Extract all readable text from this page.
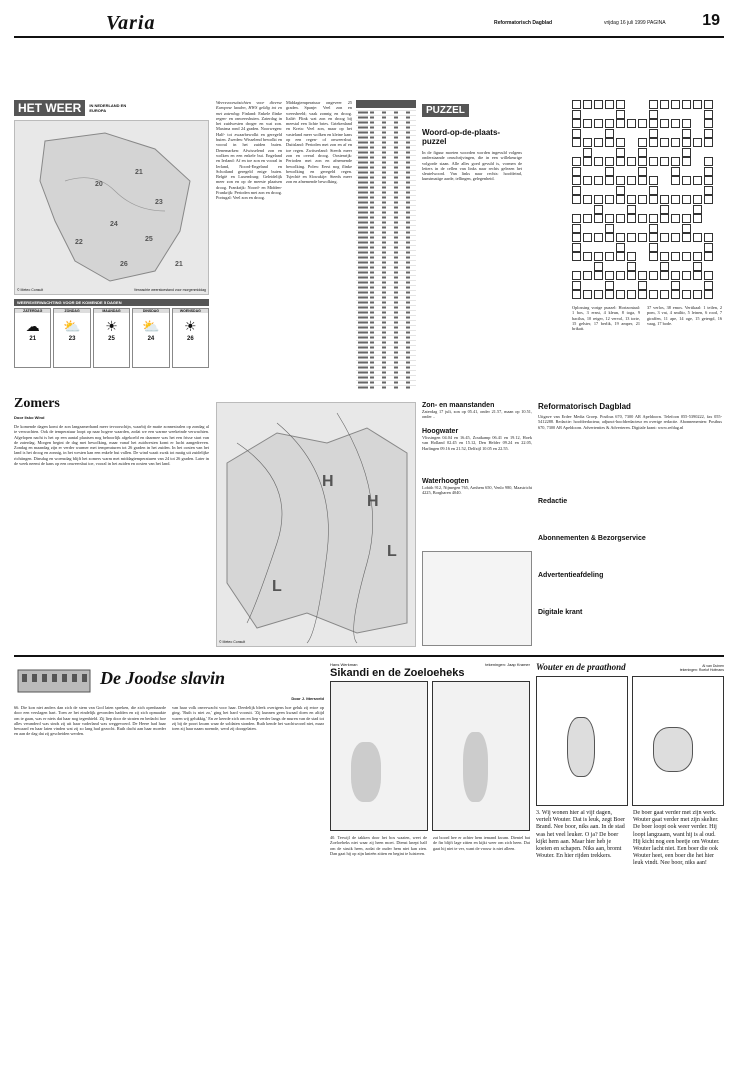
Varia	Reformatorisch Dagblad	vrijdag 16 juli 1999 PAGINA 19
HET WEER	IN NEDERLAND EN EUROPA
20
21
23
24
25
22
26	21
© Meteo Consult	Verwachte weerstoestand voor morgenmiddag
WEERSVERWACHTING VOOR DE KOMENDE 5 DAGEN
ZATERDAG
☁
21
ZONDAG
⛅
23
MAANDAG
☀
25
DINSDAG
⛅
24
WOENSDAG
☀
26
Weersvooruitzichten voor diverse Europese landen, HWS geldig tot en met zaterdag: Finland: Enkele flinke regen- en onweersbuien. Zaterdag in het zuidwesten droger en wat zon. Maxima rond 24 graden. Noorwegen: Half- tot zwaarbewolkt en geregeld buien. Zweden: Wisselend bewolkt en vooral in het zuiden buien. Denemarken: Afwisselend zon en wolken en een enkele bui. Engeland en Ierland: Af en toe zon en vooral in Ierland, Noord-Engeland en Schotland geregeld enige buien. België en Luxemburg: Geleidelijk meer zon en op de meeste plaatsen droog. Frankrijk: Noord- en Midden-Frankrijk: Perioden met zon en droog. Portugal: Veel zon en droog.
Middagtemperatuur ongeveer 25 graden. Spanje: Veel zon en weersbeeld; vaak zonnig en droog. Italië: Flink wat zon en droog bij meestal een lichte bries. Griekenland en Kreta: Veel zon, maar op het vasteland meer wolken en kleine kans op een regen- of onweersbui. Duitsland: Perioden met zon en af en toe regen. Zwitserland: Steeds meer zon en overal droog. Oostenrijk: Perioden met zon en afnemende bewolking. Polen: Eerst nog flinke bewolking en geregeld regen. Tsjechië en Slowakije: Steeds meer zon en afnemende bewolking.
PUZZEL
Woord-op-de-plaats-puzzel
In de figuur moeten woorden worden ingevuld volgens onderstaande omschrijvingen, die in een willekeurige volgorde staan. Alle alles goed gevuld is, vormen de letters in de cellen van links naar rechts gelezen het sleutelwoord. Van links naar rechts: hoofdeind, kunstmatige aarde, tellingen, gelegenheid.
Oplossing vorige puzzel: Horizontaal: 1 bos, 3 ernst, 4 kleun, 8 toga, 9 bacilus, 10 reiger, 12 vervol, 13 torte, 15 gelster, 17 berlik, 19 amper, 21 brikatt.
37 verlos, 38 emos. Vertikaal: 1 teilen, 2 pom, 3 vat, 4 smiltir, 5 leinen, 6 rood, 7 giraffen, 11 ape, 14 oge, 15 getergd, 16 vaag, 17 bode.
Zomers
Door Ilsko Wind
De komende dagen komt de zon langzamerhand meer tevoorschijn, waarbij de matte zonnestralen op zondag al te verwachten. Ook de temperatuur loopt op naar hogere waarden, zodat we een warme weekeinde verwachten. Afgelopen nacht is het op een aantal plaatsen nog behoorlijk afgekoeld en daarmee was het een frisse start van de zaterdag. Morgen begint de dag met bewolking, maar vanaf het zuidwesten komt er lucht aangedreven. Zondag en maandag zijn er verder warmer met temperaturen tot 26 graden in het zuiden. In het oosten van het land is het droog en zonnig, in het westen kan een enkele bui vallen. De wind waait zwak tot matig uit zuidelijke richtingen. Dinsdag en woensdag blijft het zomers warm met middagtemperaturen van 24 tot 26 graden. Later in de week neemt de kans op een onweersbui toe, vooral in het zuiden en oosten van het land.
H
H
L
L
© Meteo Consult
Zon- en maanstanden
Zaterdag 17 juli, zon op 05.41, onder 21.57, maan op 10.51, onder ..
Hoogwater
Vlissingen 04.04 en 16.45, Zoutkamp 06.41 en 19.12, Hoek van Holland 02.45 en 15.12, Den Helder 09.24 en 22.05, Harlingen 09.16 en 21.52, Delfzijl 10.05 en 22.55.
Waterhoogten
Lobith 912, Nijmegen 765, Arnhem 650, Venlo 980, Maastricht 4225, Borgharen 4040.
Reformatorisch Dagblad
Uitgave van Erdee Media Groep. Postbus 670, 7300 AR Apeldoorn. Telefoon 055-5390222, fax 055-5412288. Redactie: hoofdredacteur, adjunct-hoofdredacteur en overige redactie. Abonnementen: Postbus 670, 7300 AR Apeldoorn. Advertenties & Adverteren. Digitale krant: www.refdag.nl
Redactie
Abonnementen & Bezorgservice
Advertentieafdeling
Digitale krant
De Joodse slavin
Door J. Ittersveld
66. Die kon niet anders dan zich de stem van God laten spreken, die zich openbaarde door een verslagen hart. Toen ze het eindelijk gevonden hadden en zij zich opmaakte om te gaan, was er niets dat haar nog tegenhield. Zij liep door de straten en bedacht hoe alles veranderd was sinds zij uit haar vaderland was weggevoerd. De Heere had haar bewaard en haar laten vinden wat zij zo lang had gezocht. Ruth dacht aan haar moeder en aan de dag dat zij gescheiden werden.
van haar volk onverwacht voor haar. Deedelijk bleek overigens hoe geluk zij ertoe op ging. 'Ruth is niet zo,' ging het hard vooruit. 'Zij kunnen geen kwaad doen en altijd waren wij gelukkig.' En ze keerde zich om en liep verder langs de muren van de stad tot zij bij de poort kwam waar de soldaten stonden. Ruth kende het wachtwoord niet, maar toen zij haar naam noemde, werd zij doorgelaten.
Hans Werkman	tekeningen: Jaap Kramer
Sikandi en de Zoeloeheks
40. Terwijl de takken door het bos waaien, weet de Zoeloeheks niet waar zij heen moet. Dienst knept half om de struik heen, zodat de ouder hem niet kan zien. Dan gaat hij op zijn knieën zitten en begint te luisteren.
zat boord hee er achter hem iemand kwam. Dientel bat de fin blijft lage zitten en kijkt weer om zich heen. Dat gaat hij niet te ver, want de vrouw is niet alleen.
Wouter en de praathond	Al van Duinen
tekeningen: Roelof Hofmans
3. Wij wonen hier al vijf dagen, vertelt Wouter. Dat is leuk, zegt Boer Brand. Nee boor, niks aan. In de stad was het veel leuker. O ja? De boer kijkt hem aan. Maar hier heb je koeien en schapen. Niks aan, bromt Wouter. En hier rijden trekkers.
De boer gaat verder met zijn werk. Wouter gaat verder met zijn skelter. De boer loopt ook weer verder. Hij loopt langzaam, want hij is al oud. Hij kicht nog een beetje om Wouter. Wouter lacht niet. Een boer die ook Wouter heet, een boer die het hier leuk vindt. Nee boor, niks aan!
